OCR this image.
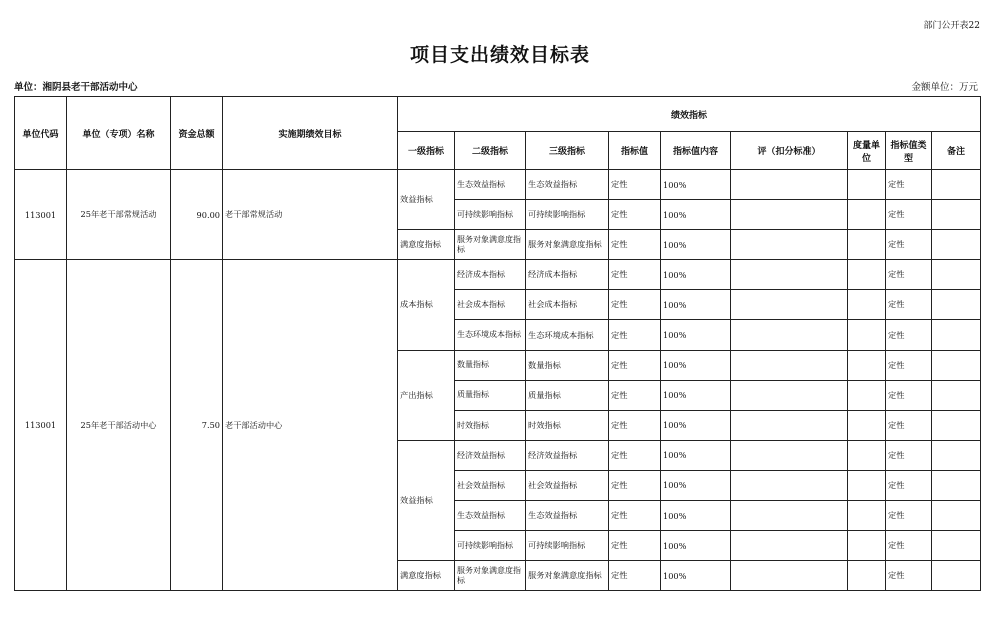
部门公开表22
项目支出绩效目标表
单位：湘阴县老干部活动中心	金额单位：万元
单位代码	单位（专项）名称	资金总额	实施期绩效目标	绩效指标								
				一级指标	二级指标	三级指标	指标值	指标值内容	评（扣分标准）	度量单位	指标值类型	备注
113001	25年老干部常规活动	90.00	老干部常规活动	效益指标	生态效益指标	生态效益指标	定性	100%			定性	
					可持续影响指标	可持续影响指标	定性	100%			定性	
				满意度指标	服务对象满意度指标	服务对象满意度指标	定性	100%			定性	
113001	25年老干部活动中心	7.50	老干部活动中心	成本指标	经济成本指标	经济成本指标	定性	100%			定性	
					社会成本指标	社会成本指标	定性	100%			定性	
					生态环境成本指标	生态环境成本指标	定性	100%			定性	
				产出指标	数量指标	数量指标	定性	100%			定性	
					质量指标	质量指标	定性	100%			定性	
					时效指标	时效指标	定性	100%			定性	
				效益指标	经济效益指标	经济效益指标	定性	100%			定性	
					社会效益指标	社会效益指标	定性	100%			定性	
					生态效益指标	生态效益指标	定性	100%			定性	
					可持续影响指标	可持续影响指标	定性	100%			定性	
				满意度指标	服务对象满意度指标	服务对象满意度指标	定性	100%			定性	
